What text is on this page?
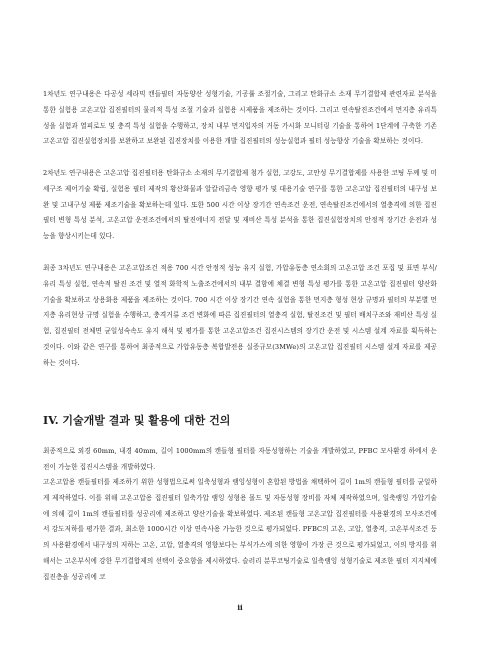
1차년도 연구내용은 다공성 세라믹 캔들필터 자동양산 성형기술, 기공률 조절기술, 그리고 탄화규소 소재 무기결합제 관련자료 분석을 통한 실험용 고온고압 집진필터의 물리적 특성 조절 기술과 실험용 시제품을 제조하는 것이다. 그리고 연속탈진조건에서 먼지층 유리특성을 실험과 열피로도 및 충격 특성 실험을 수행하고, 장치 내부 먼지입자의 거동 가시화 모니터링 기술을 통하여 1단계에 구축한 기존 고온고압 집진실험장치를 보완하고 보완된 집진장치를 이용한 개발 집진필터의 성능실험과 필터 성능향상 기술을 확보하는 것이다.

2차년도 연구내용은 고온고압 집진필터용 탄화규소 소재의 무기결합제 첨가 실험, 고강도, 고안성 무기결합제를 사용한 코팅 두께 및 미세구조 제어기술 확립, 실험용 필터 제작의 황산화물과 알칼리금속 영향 평가 및 대용기술 연구를 통한 고온고압 집진필터의 내구성 보완 및 고내구성 제품 제조기술을 확보하는데 있다. 또한 500 시간 이상 장기간 연속조건 운전, 연속탈진조건에서의 열충격에 의한 집진필터 변형 특성 분석, 고온고압 운전조건에서의 탈진에너지 전달 및 재비산 특성 분석을 통한 집진실험장치의 안정적 장기간 운전과 성능을 향상시키는데 있다.

최종 3차년도 연구내용은 고온고압조건 적용 700 시간 안정적 성능 유지 실험, 가압유동층 연소회의 고온고압 조건 포집 및 표면 부식/유리 특성 실험, 연속적 탈진 조건 및 열적 화학적 노출조건에서의 내부 결함에 체결 변형 특성 평가를 통한 고온고압 집진필터 양산화 기술을 확보하고 상용화용 제품을 제조하는 것이다. 700 시간 이상 장기간 연속 실험을 통한 먼지층 형성 현상 규명과 필터의 부분별 먼지층 유리현상 규명 실험을 수행하고, 충격거류 조건 변화에 따른 집진필터의 열충격 실험, 탈진조건 및 필터 배치구조와 재비산 특성 실험, 집진필터 전체면 균일성숙속도 유지 해석 및 평가를 통한 고온고압조건 집진시스템의 장기간 운전 및 시스템 설계 자료를 획득하는 것이다. 이와 같은 연구를 통하여 최종적으로 가압유동층 복합발전용 실증규모(3MWe)의 고온고압 집진필터 시스템 설계 자료를 제공하는 것이다.

IV. 기술개발 결과 및 활용에 대한 건의

최종적으로 외경 60mm, 내경 40mm, 길이 1000mm의 캔들형 필터를 자동성형하는 기술을 개발하였고, PFBC 모사환경 하에서 운전이 가능한 집진시스템을 개발하였다.

고온고압용 캔들필터를 제조하기 위한 성형법으로써 일축성형과 램잉성형이 혼합된 방법을 채택하여 길이 1m의 캔들형 필터를 균일하게 제작하였다. 이를 위해 고온고압용 집진필터 일축가압 램잉 성형용 몰드 및 자동성형 장비를 자체 제작하였으며, 일축램잉 가압기술에 의해 길이 1m의 캔들필터를 성공리에 제조하고 양산기술을 확보하였다. 제조된 캔들형 고온고압 집진필터를 사용환경의 모사조건에서 강도저하를 평가한 결과, 최소한 1000시간 이상 연속사용 가능한 것으로 평가되었다. PFBC의 고온, 고압, 열충격, 고온부식조건 등의 사용환경에서 내구성의 저하는 고온, 고압, 열충격의 영향보다는 부식가스에 의한 영향이 가장 큰 것으로 평가되었고, 이의 방지를 위해서는 고온부식에 강한 무기결합제의 선택이 중요함을 제시하였다. 슬러리 분무코팅기술로 일축램잉 성형기술로 제조한 필터 지지체에 집진층을 성공리에 코

ii
